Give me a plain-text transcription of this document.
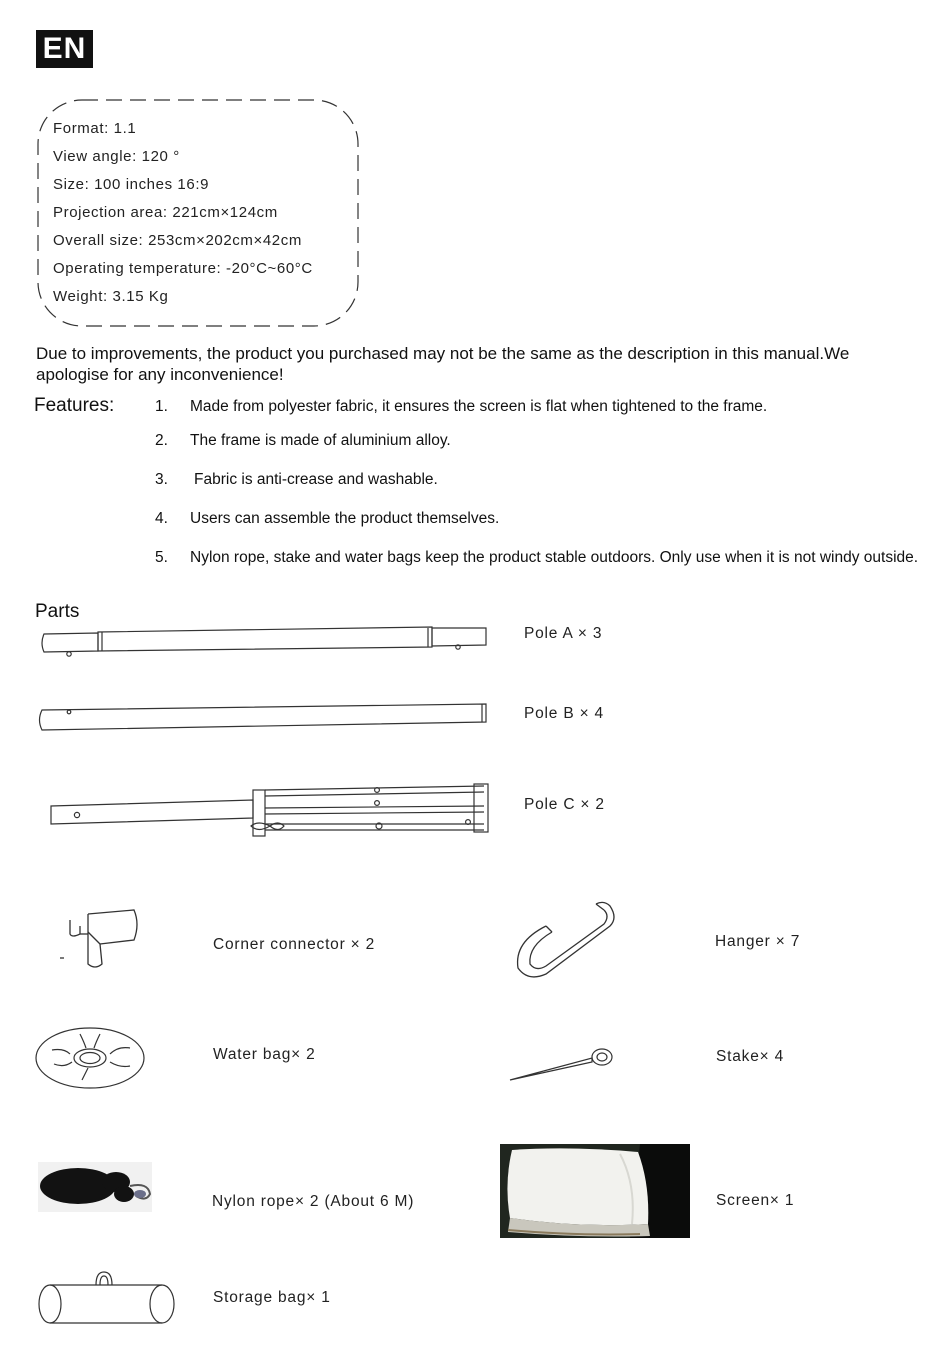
EN
Format: 1.1
View angle: 120 °
Size: 100 inches 16:9
Projection area: 221cm×124cm
Overall size: 253cm×202cm×42cm
Operating temperature: -20°C~60°C
Weight: 3.15 Kg
Due to improvements, the product you purchased may not be the same as the description in this manual.We apologise for any inconvenience!
Features:	1. Made from polyester fabric, it ensures the screen is flat when tightened to the frame.
2. The frame is made of aluminium alloy.
3. Fabric is anti-crease and washable.
4. Users can assemble the product themselves.
5. Nylon rope, stake and water bags keep the product stable outdoors. Only use when it is not windy outside.
Parts
Pole A × 3
Pole B × 4
Pole C × 2
Corner connector × 2	Hanger × 7
Water bag× 2	Stake× 4
Nylon rope× 2 (About 6 M)	Screen× 1
Storage bag× 1
